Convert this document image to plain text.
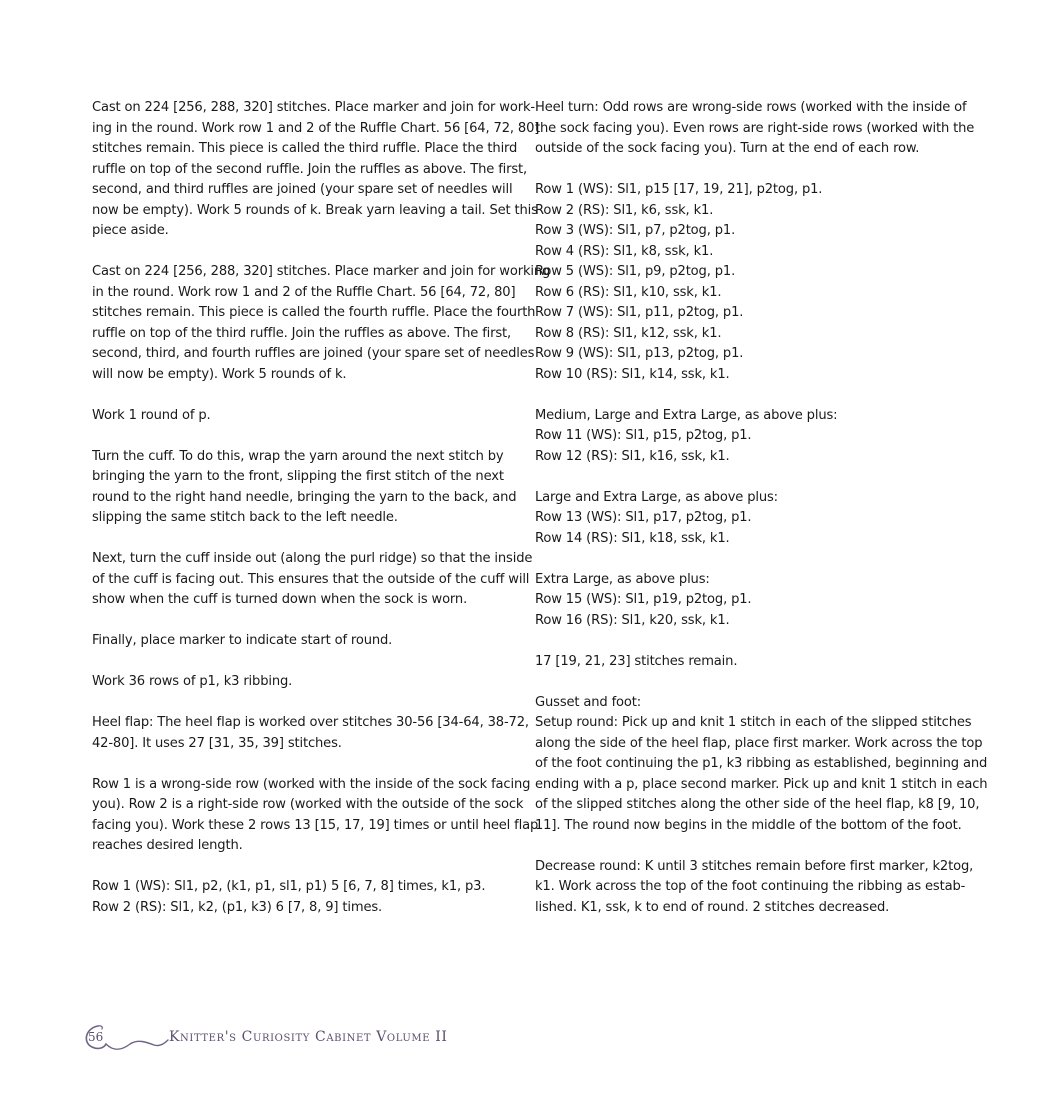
Cast on 224 [256, 288, 320] stitches. Place marker and join for work-
ing in the round. Work row 1 and 2 of the Ruffle Chart. 56 [64, 72, 80]
stitches remain. This piece is called the third ruffle. Place the third
ruffle on top of the second ruffle. Join the ruffles as above. The first,
second, and third ruffles are joined (your spare set of needles will
now be empty). Work 5 rounds of k. Break yarn leaving a tail. Set this
piece aside.

Cast on 224 [256, 288, 320] stitches. Place marker and join for working
in the round. Work row 1 and 2 of the Ruffle Chart. 56 [64, 72, 80]
stitches remain. This piece is called the fourth ruffle. Place the fourth
ruffle on top of the third ruffle. Join the ruffles as above. The first,
second, third, and fourth ruffles are joined (your spare set of needles
will now be empty). Work 5 rounds of k.

Work 1 round of p.

Turn the cuff. To do this, wrap the yarn around the next stitch by
bringing the yarn to the front, slipping the first stitch of the next
round to the right hand needle, bringing the yarn to the back, and
slipping the same stitch back to the left needle.

Next, turn the cuff inside out (along the purl ridge) so that the inside
of the cuff is facing out. This ensures that the outside of the cuff will
show when the cuff is turned down when the sock is worn.

Finally, place marker to indicate start of round.

Work 36 rows of p1, k3 ribbing.

Heel flap: The heel flap is worked over stitches 30-56 [34-64, 38-72,
42-80]. It uses 27 [31, 35, 39] stitches.

Row 1 is a wrong-side row (worked with the inside of the sock facing
you). Row 2 is a right-side row (worked with the outside of the sock
facing you). Work these 2 rows 13 [15, 17, 19] times or until heel flap
reaches desired length.

Row 1 (WS): Sl1, p2, (k1, p1, sl1, p1) 5 [6, 7, 8] times, k1, p3.
Row 2 (RS): Sl1, k2, (p1, k3) 6 [7, 8, 9] times.

Heel turn: Odd rows are wrong-side rows (worked with the inside of
the sock facing you). Even rows are right-side rows (worked with the
outside of the sock facing you). Turn at the end of each row.

Row 1 (WS): Sl1, p15 [17, 19, 21], p2tog, p1.
Row 2 (RS): Sl1, k6, ssk, k1.
Row 3 (WS): Sl1, p7, p2tog, p1.
Row 4 (RS): Sl1, k8, ssk, k1.
Row 5 (WS): Sl1, p9, p2tog, p1.
Row 6 (RS): Sl1, k10, ssk, k1.
Row 7 (WS): Sl1, p11, p2tog, p1.
Row 8 (RS): Sl1, k12, ssk, k1.
Row 9 (WS): Sl1, p13, p2tog, p1.
Row 10 (RS): Sl1, k14, ssk, k1.

Medium, Large and Extra Large, as above plus:
Row 11 (WS): Sl1, p15, p2tog, p1.
Row 12 (RS): Sl1, k16, ssk, k1.

Large and Extra Large, as above plus:
Row 13 (WS): Sl1, p17, p2tog, p1.
Row 14 (RS): Sl1, k18, ssk, k1.

Extra Large, as above plus:
Row 15 (WS): Sl1, p19, p2tog, p1.
Row 16 (RS): Sl1, k20, ssk, k1.

17 [19, 21, 23] stitches remain.

Gusset and foot:
Setup round: Pick up and knit 1 stitch in each of the slipped stitches
along the side of the heel flap, place first marker. Work across the top
of the foot continuing the p1, k3 ribbing as established, beginning and
ending with a p, place second marker. Pick up and knit 1 stitch in each
of the slipped stitches along the other side of the heel flap, k8 [9, 10,
11]. The round now begins in the middle of the bottom of the foot.

Decrease round: K until 3 stitches remain before first marker, k2tog,
k1. Work across the top of the foot continuing the ribbing as estab-
lished. K1, ssk, k to end of round. 2 stitches decreased.

56	Knitter's Curiosity Cabinet Volume II
